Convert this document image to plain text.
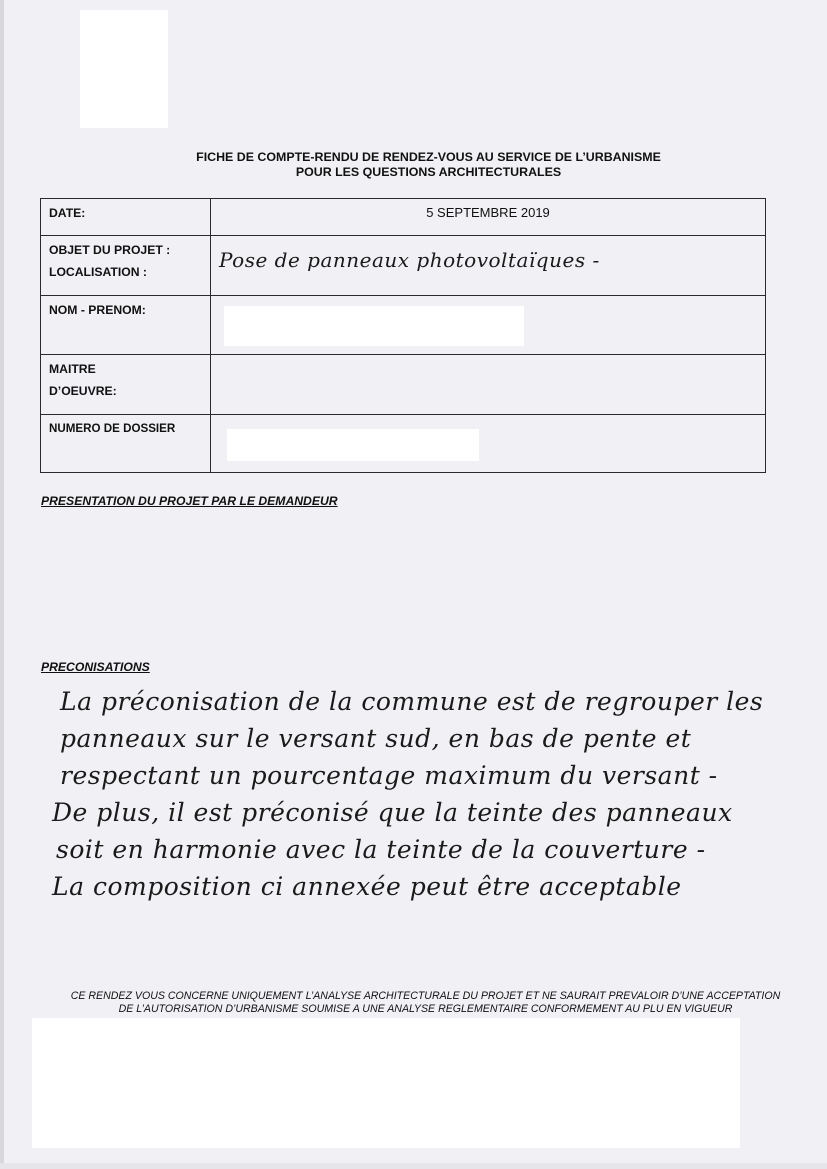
FICHE DE COMPTE-RENDU DE RENDEZ-VOUS AU SERVICE DE L’URBANISME
POUR LES QUESTIONS ARCHITECTURALES
DATE:	5 SEPTEMBRE 2019

OBJET DU PROJET :
LOCALISATION :	Pose de panneaux photovoltaïques -

NOM - PRENOM:	

MAITRE
D’OEUVRE:	

NUMERO DE DOSSIER	
PRESENTATION DU PROJET PAR LE DEMANDEUR
PRECONISATIONS
La préconisation de la commune est de regrouper les
panneaux sur le versant sud, en bas de pente et
respectant un pourcentage maximum du versant -
De plus, il est préconisé que la teinte des panneaux
soit en harmonie avec la teinte de la couverture -
La composition ci annexée peut être acceptable
CE RENDEZ VOUS CONCERNE UNIQUEMENT L’ANALYSE ARCHITECTURALE DU PROJET ET NE SAURAIT PREVALOIR D’UNE ACCEPTATION
DE L’AUTORISATION D’URBANISME SOUMISE A UNE ANALYSE REGLEMENTAIRE CONFORMEMENT AU PLU EN VIGUEUR
